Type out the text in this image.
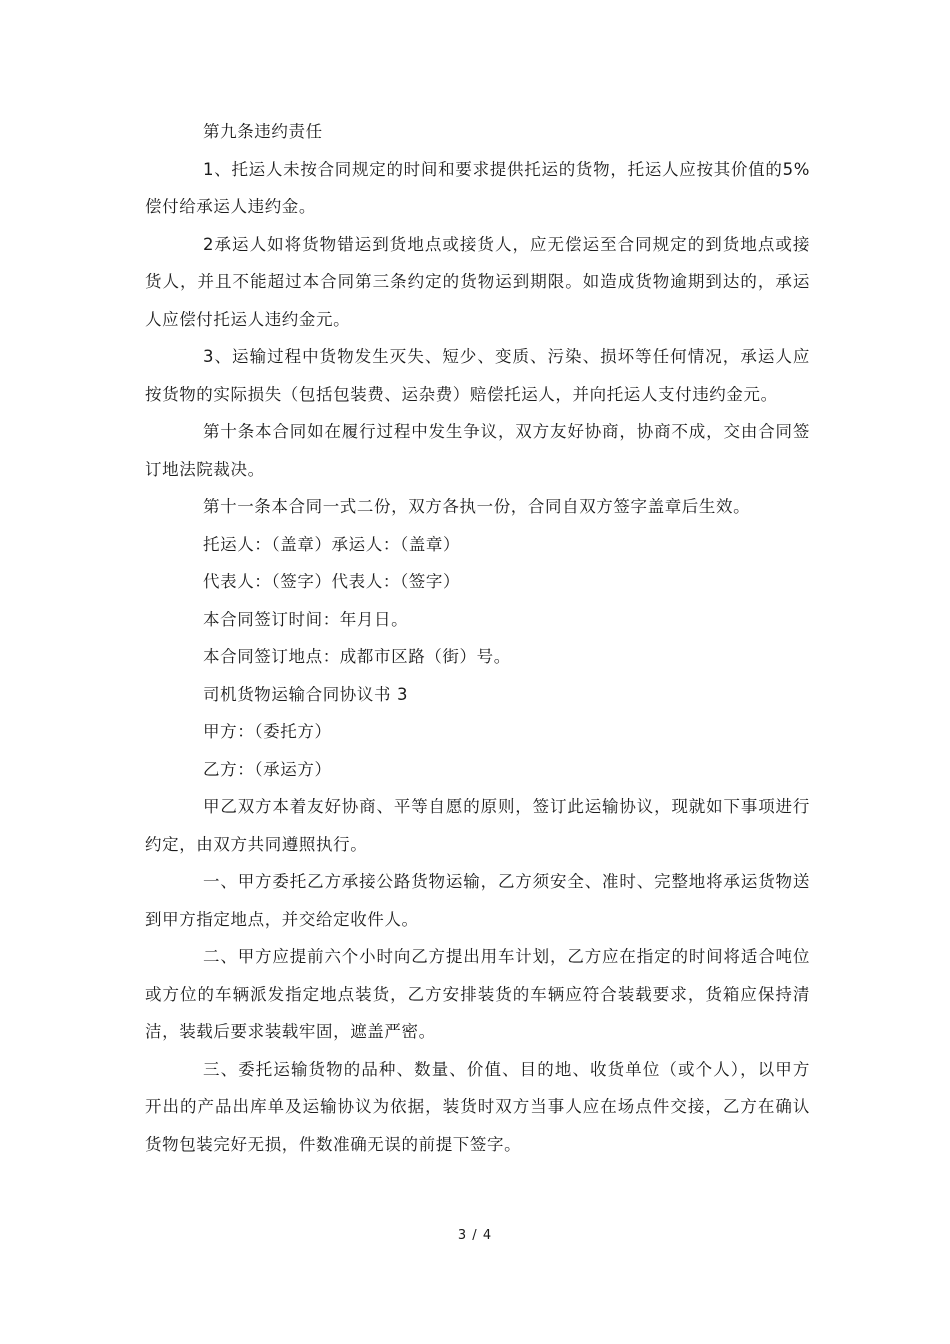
第九条违约责任

1、托运人未按合同规定的时间和要求提供托运的货物，托运人应按其价值的5%偿付给承运人违约金。

2承运人如将货物错运到货地点或接货人，应无偿运至合同规定的到货地点或接货人，并且不能超过本合同第三条约定的货物运到期限。如造成货物逾期到达的，承运人应偿付托运人违约金元。

3、运输过程中货物发生灭失、短少、变质、污染、损坏等任何情况，承运人应按货物的实际损失（包括包装费、运杂费）赔偿托运人，并向托运人支付违约金元。

第十条本合同如在履行过程中发生争议，双方友好协商，协商不成，交由合同签订地法院裁决。

第十一条本合同一式二份，双方各执一份，合同自双方签字盖章后生效。

托运人：（盖章）承运人：（盖章）

代表人：（签字）代表人：（签字）

本合同签订时间：年月日。

本合同签订地点：成都市区路（街）号。

司机货物运输合同协议书 3

甲方：（委托方）

乙方：（承运方）

甲乙双方本着友好协商、平等自愿的原则，签订此运输协议，现就如下事项进行约定，由双方共同遵照执行。

一、甲方委托乙方承接公路货物运输，乙方须安全、准时、完整地将承运货物送到甲方指定地点，并交给定收件人。

二、甲方应提前六个小时向乙方提出用车计划，乙方应在指定的时间将适合吨位或方位的车辆派发指定地点装货，乙方安排装货的车辆应符合装载要求，货箱应保持清洁，装载后要求装载牢固，遮盖严密。

三、委托运输货物的品种、数量、价值、目的地、收货单位（或个人），以甲方开出的产品出库单及运输协议为依据，装货时双方当事人应在场点件交接，乙方在确认货物包装完好无损，件数准确无误的前提下签字。

3 / 4
